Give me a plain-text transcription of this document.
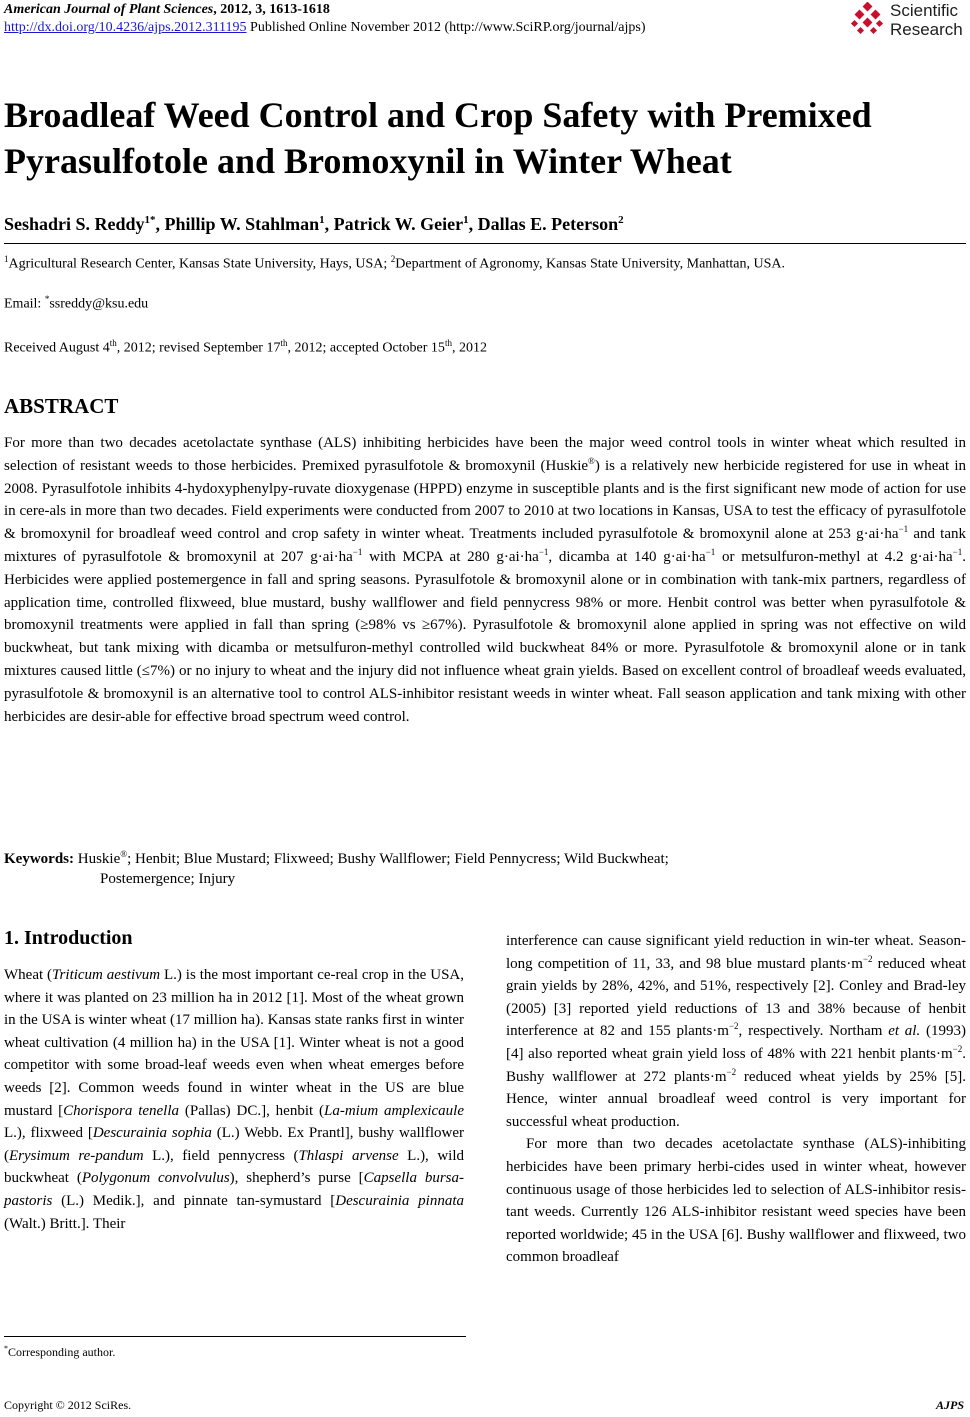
American Journal of Plant Sciences, 2012, 3, 1613-1618
http://dx.doi.org/10.4236/ajps.2012.311195 Published Online November 2012 (http://www.SciRP.org/journal/ajps)
Scientific
Research
Broadleaf Weed Control and Crop Safety with Premixed Pyrasulfotole and Bromoxynil in Winter Wheat
Seshadri S. Reddy$^{1*}$, Phillip W. Stahlman$^1$, Patrick W. Geier$^1$, Dallas E. Peterson$^2$
$^1$Agricultural Research Center, Kansas State University, Hays, USA; $^2$Department of Agronomy, Kansas State University, Manhattan, USA.
Email: *ssreddy@ksu.edu
Received August 4th, 2012; revised September 17th, 2012; accepted October 15th, 2012
ABSTRACT

For more than two decades acetolactate synthase (ALS) inhibiting herbicides have been the major weed control tools in winter wheat which resulted in selection of resistant weeds to those herbicides. Premixed pyrasulfotole & bromoxynil (Huskie®) is a relatively new herbicide registered for use in wheat in 2008. Pyrasulfotole inhibits 4-hydoxyphenylpy-ruvate dioxygenase (HPPD) enzyme in susceptible plants and is the first significant new mode of action for use in cere-als in more than two decades. Field experiments were conducted from 2007 to 2010 at two locations in Kansas, USA to test the efficacy of pyrasulfotole & bromoxynil for broadleaf weed control and crop safety in winter wheat. Treatments included pyrasulfotole & bromoxynil alone at 253 $g\cdot ai\cdot ha^{-1}$ and tank mixtures of pyrasulfotole & bromoxynil at 207 $g\cdot ai\cdot ha^{-1}$ with MCPA at 280 $g\cdot ai\cdot ha^{-1}$, dicamba at 140 $g\cdot ai\cdot ha^{-1}$ or metsulfuron-methyl at 4.2 $g\cdot ai\cdot ha^{-1}$. Herbicides were applied postemergence in fall and spring seasons. Pyrasulfotole & bromoxynil alone or in combination with tank-mix partners, regardless of application time, controlled flixweed, blue mustard, bushy wallflower and field pennycress 98% or more. Henbit control was better when pyrasulfotole & bromoxynil treatments were applied in fall than spring (≥98% vs ≥67%). Pyrasulfotole & bromoxynil alone applied in spring was not effective on wild buckwheat, but tank mixing with dicamba or metsulfuron-methyl controlled wild buckwheat 84% or more. Pyrasulfotole & bromoxynil alone or in tank mixtures caused little (≤7%) or no injury to wheat and the injury did not influence wheat grain yields. Based on excellent control of broadleaf weeds evaluated, pyrasulfotole & bromoxynil is an alternative tool to control ALS-inhibitor resistant weeds in winter wheat. Fall season application and tank mixing with other herbicides are desir-able for effective broad spectrum weed control.

Keywords: Huskie®; Henbit; Blue Mustard; Flixweed; Bushy Wallflower; Field Pennycress; Wild Buckwheat;
Postemergence; Injury
1. Introduction

Wheat (Triticum aestivum L.) is the most important ce-real crop in the USA, where it was planted on 23 million ha in 2012 [1]. Most of the wheat grown in the USA is winter wheat (17 million ha). Kansas state ranks first in winter wheat cultivation (4 million ha) in the USA [1]. Winter wheat is not a good competitor with some broad-leaf weeds even when wheat emerges before weeds [2]. Common weeds found in winter wheat in the US are blue mustard [Chorispora tenella (Pallas) DC.], henbit (La-mium amplexicaule L.), flixweed [Descurainia sophia (L.) Webb. Ex Prantl], bushy wallflower (Erysimum re-pandum L.), field pennycress (Thlaspi arvense L.), wild buckwheat (Polygonum convolvulus), shepherd’s purse [Capsella bursa-pastoris (L.) Medik.], and pinnate tan-symustard [Descurainia pinnata (Walt.) Britt.]. Their

interference can cause significant yield reduction in win-ter wheat. Season-long competition of 11, 33, and 98 blue mustard $plants\cdot m^{-2}$ reduced wheat grain yields by 28%, 42%, and 51%, respectively [2]. Conley and Brad-ley (2005) [3] reported yield reductions of 13 and 38% because of henbit interference at 82 and 155 $plants\cdot m^{-2}$, respectively. Northam et al. (1993) [4] also reported wheat grain yield loss of 48% with 221 henbit $plants\cdot m^{-2}$. Bushy wallflower at 272 $plants\cdot m^{-2}$ reduced wheat yields by 25% [5]. Hence, winter annual broadleaf weed control is very important for successful wheat production.

For more than two decades acetolactate synthase (ALS)-inhibiting herbicides have been primary herbi-cides used in winter wheat, however continuous usage of those herbicides led to selection of ALS-inhibitor resis-tant weeds. Currently 126 ALS-inhibitor resistant weed species have been reported worldwide; 45 in the USA [6]. Bushy wallflower and flixweed, two common broadleaf

*Corresponding author.
Copyright © 2012 SciRes.	AJPS
